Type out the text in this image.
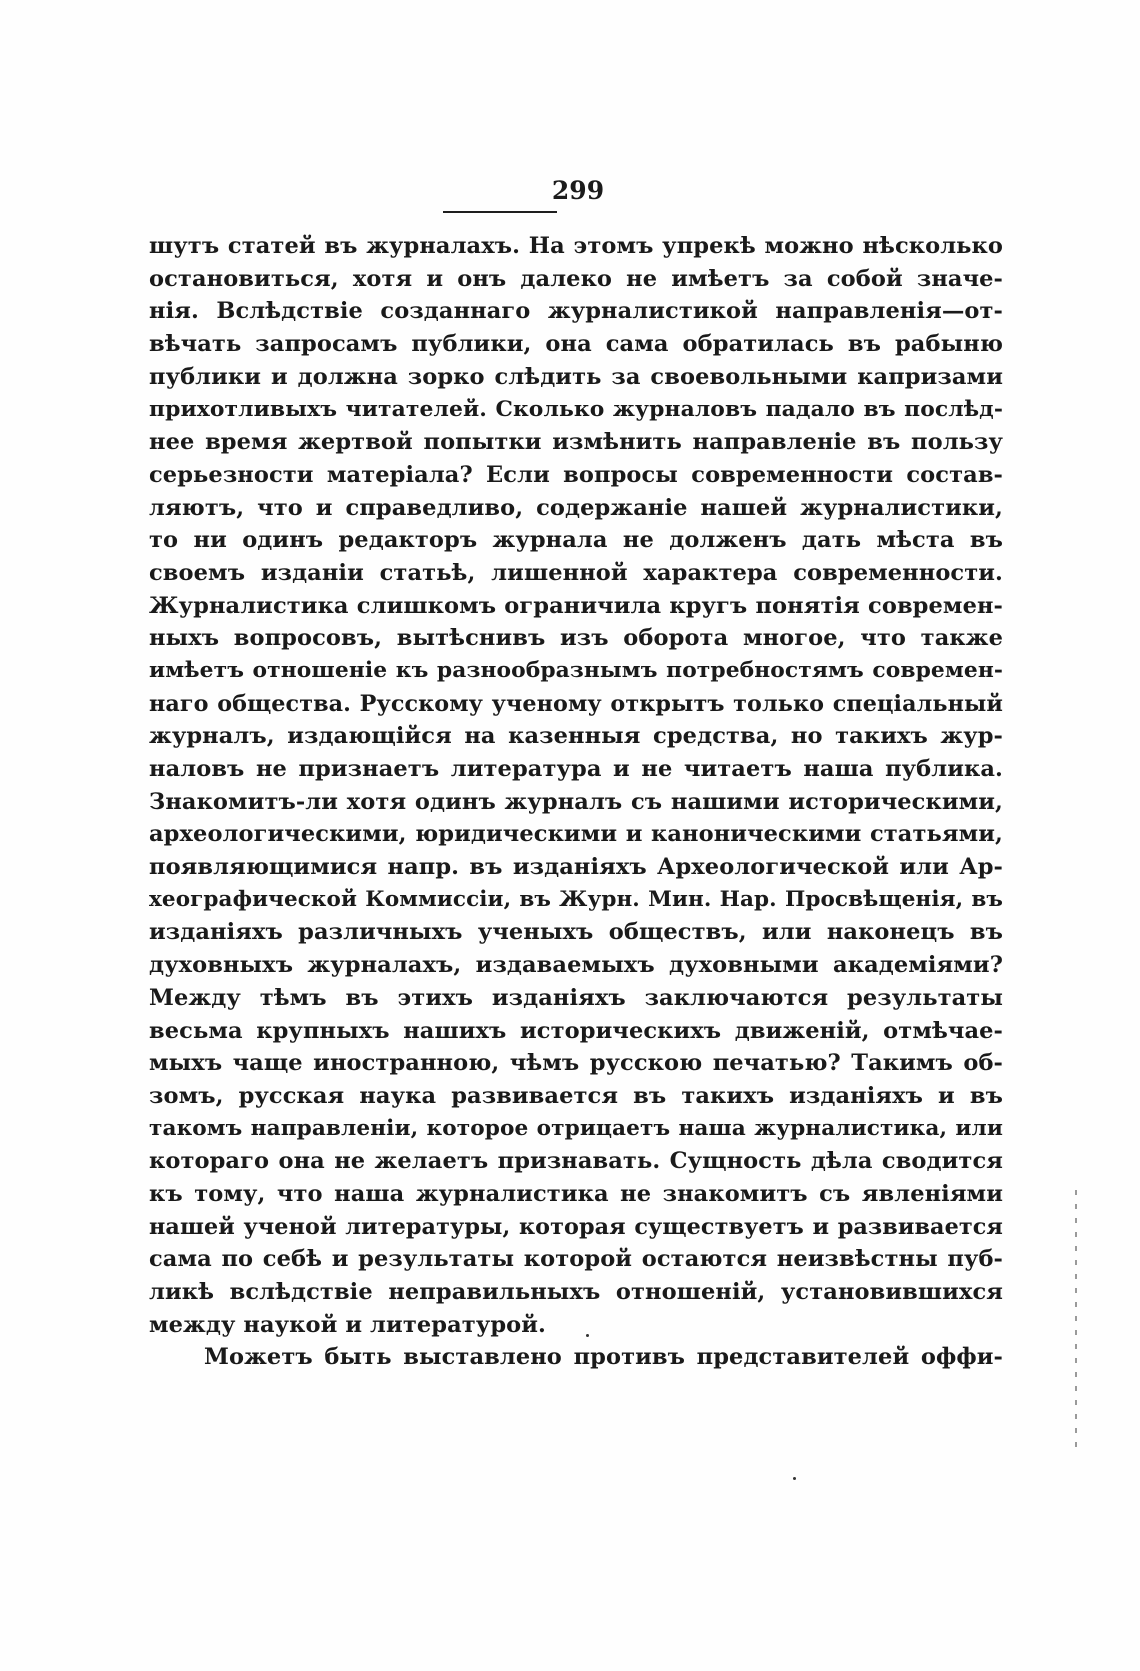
299
шутъ статей въ журналахъ. На этомъ упрекѣ можно нѣсколько
остановиться, хотя и онъ далеко не имѣетъ за собой значе-
нія. Вслѣдствіе созданнаго журналистикой направленія—от-
вѣчать запросамъ публики, она сама обратилась въ рабыню
публики и должна зорко слѣдить за своевольными капризами
прихотливыхъ читателей. Сколько журналовъ падало въ послѣд-
нее время жертвой попытки измѣнить направленіе въ пользу
серьезности матеріала? Если вопросы современности состав-
ляютъ, что и справедливо, содержаніе нашей журналистики,
то ни одинъ редакторъ журнала не долженъ дать мѣста въ
своемъ изданіи статьѣ, лишенной характера современности.
Журналистика слишкомъ ограничила кругъ понятія современ-
ныхъ вопросовъ, вытѣснивъ изъ оборота многое, что также
имѣетъ отношеніе къ разнообразнымъ потребностямъ современ-
наго общества. Русскому ученому открытъ только спеціальный
журналъ, издающійся на казенныя средства, но такихъ жур-
наловъ не признаетъ литература и не читаетъ наша публика.
Знакомитъ-ли хотя одинъ журналъ съ нашими историческими,
археологическими, юридическими и каноническими статьями,
появляющимися напр. въ изданіяхъ Археологической или Ар-
хеографической Коммиссіи, въ Журн. Мин. Нар. Просвѣщенія, въ
изданіяхъ различныхъ ученыхъ обществъ, или наконецъ въ
духовныхъ журналахъ, издаваемыхъ духовными академіями?
Между тѣмъ въ этихъ изданіяхъ заключаются результаты
весьма крупныхъ нашихъ историческихъ движеній, отмѣчае-
мыхъ чаще иностранною, чѣмъ русскою печатью? Такимъ об-
зомъ, русская наука развивается въ такихъ изданіяхъ и въ
такомъ направленіи, которое отрицаетъ наша журналистика, или
котораго она не желаетъ признавать. Сущность дѣла сводится
къ тому, что наша журналистика не знакомитъ съ явленіями
нашей ученой литературы, которая существуетъ и развивается
сама по себѣ и результаты которой остаются неизвѣстны пуб-
ликѣ вслѣдствіе неправильныхъ отношеній, установившихся
между наукой и литературой.
Можетъ быть выставлено противъ представителей оффи-
